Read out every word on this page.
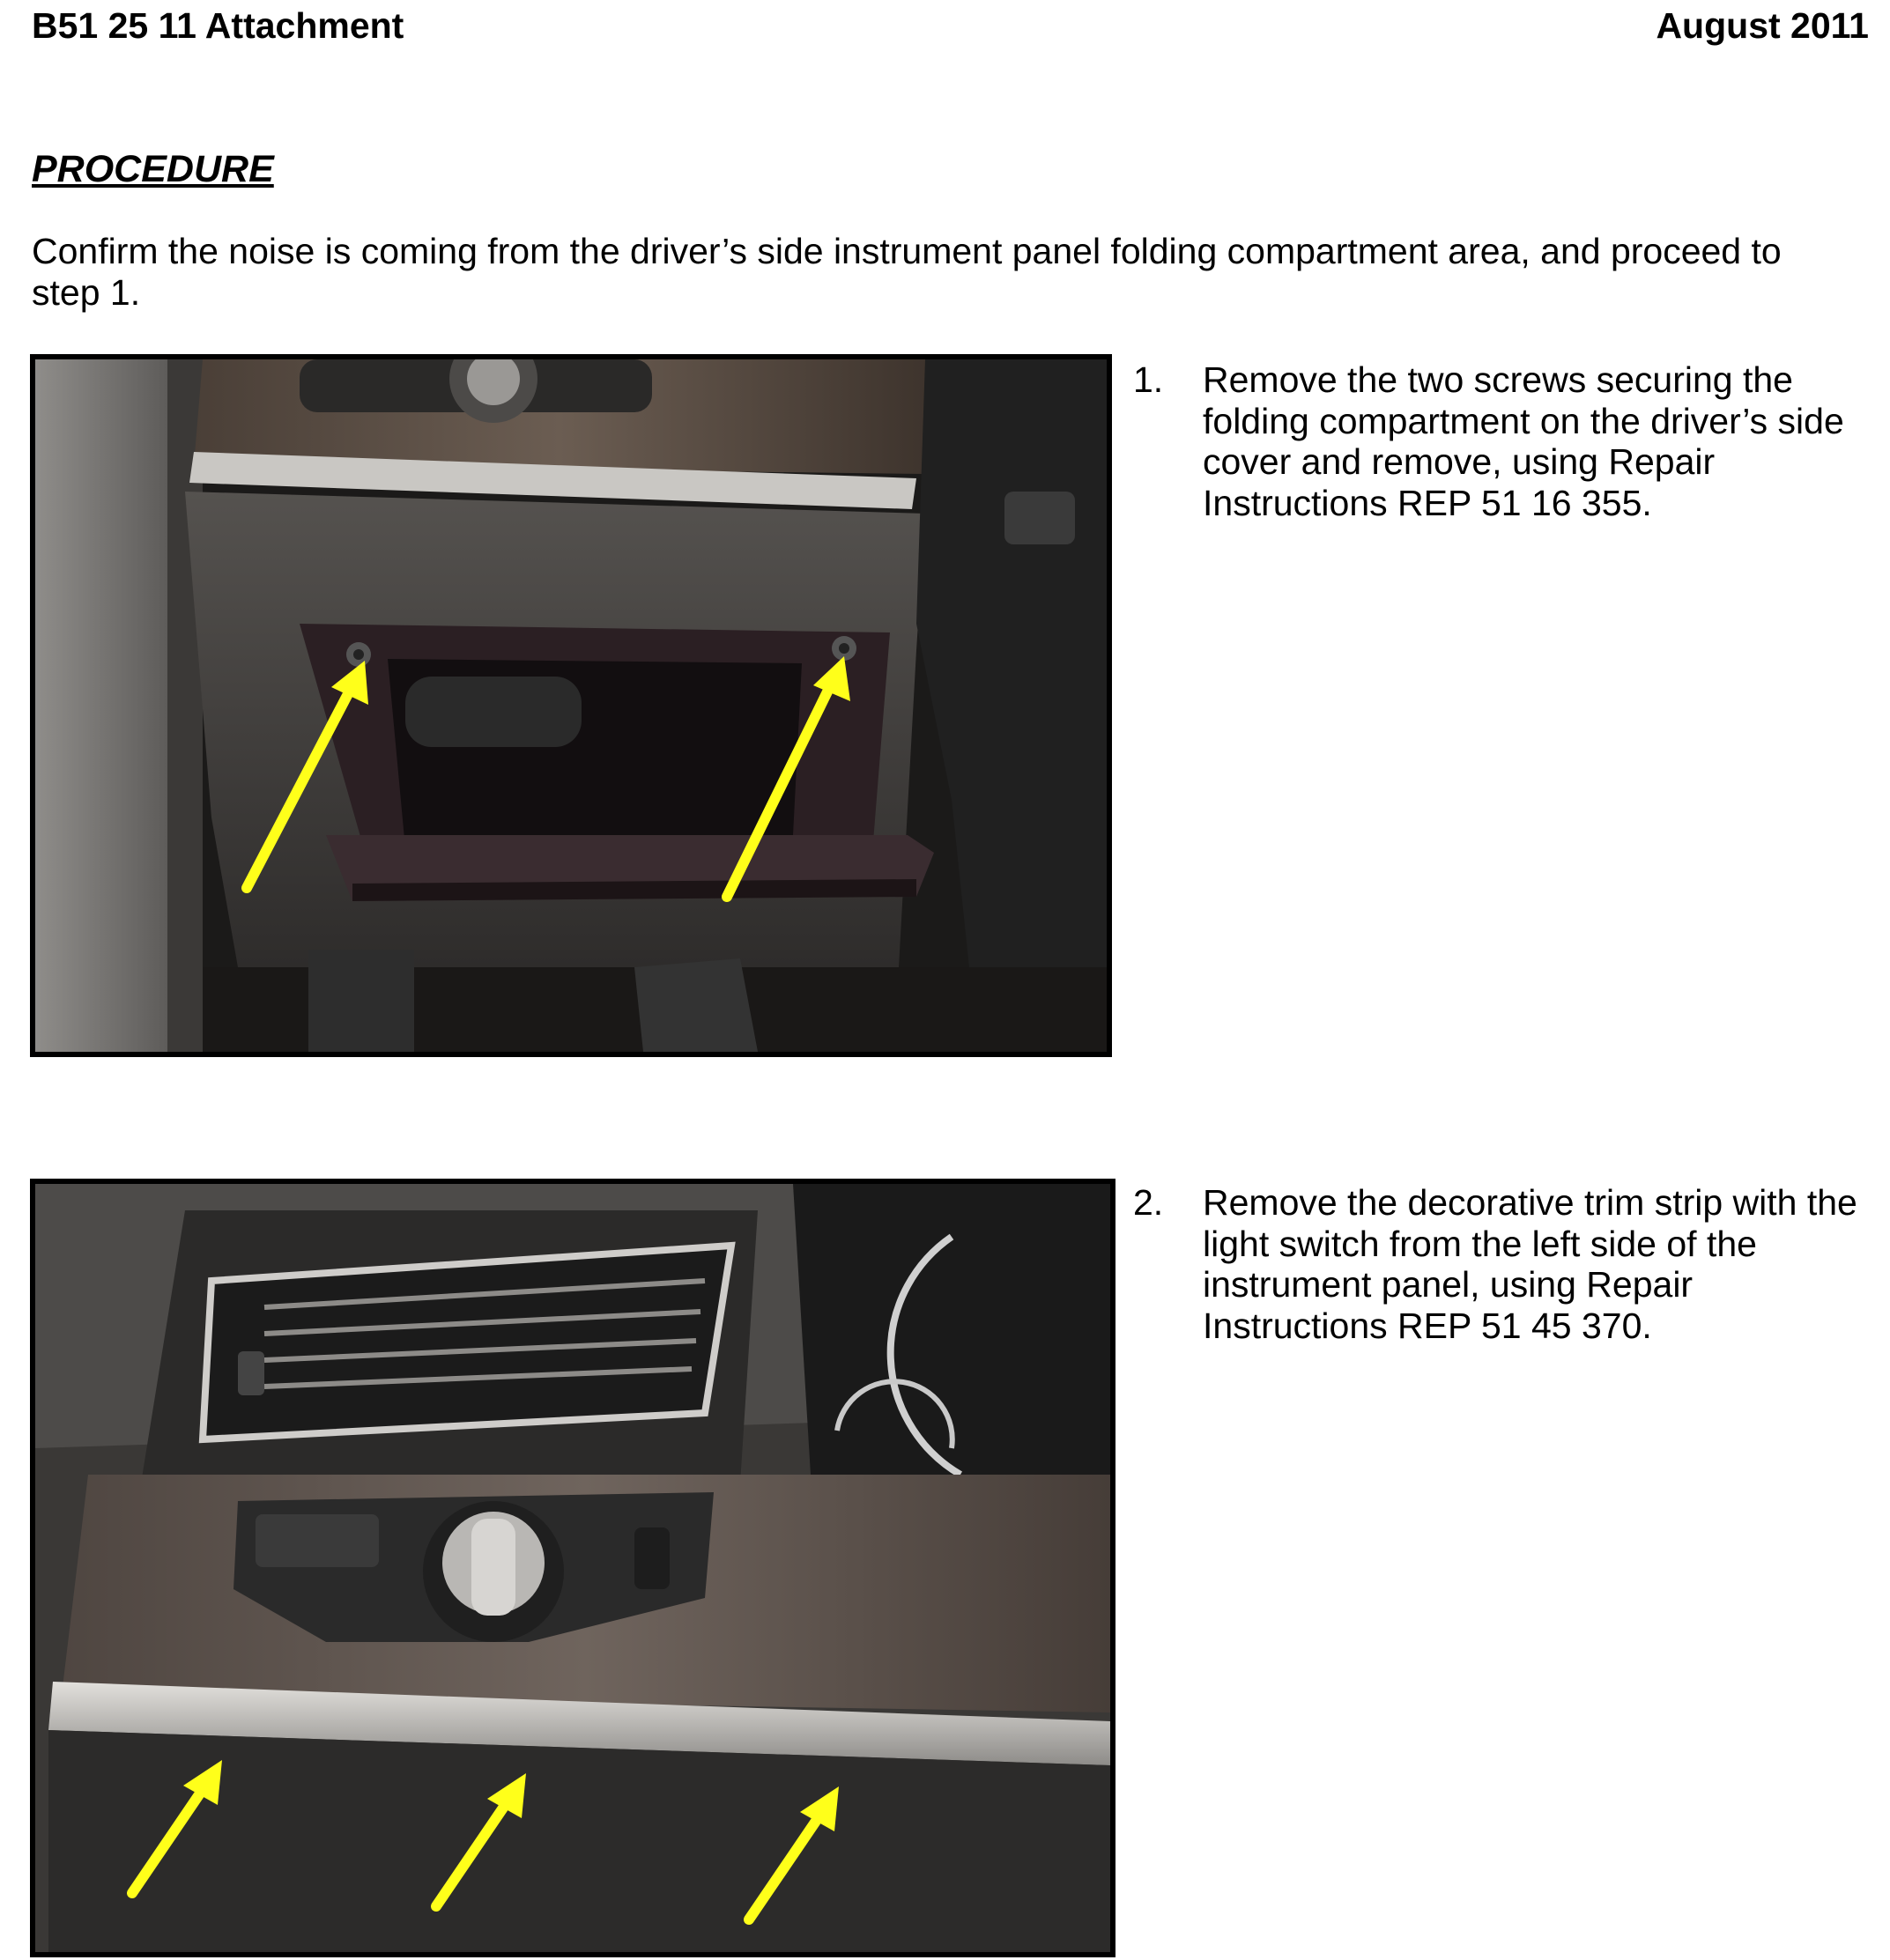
B51 25 11 Attachment	August 2011
PROCEDURE
Confirm the noise is coming from the driver’s side instrument panel folding compartment area, and proceed to step 1.
1. Remove the two screws securing the folding compartment on the driver’s side cover and remove, using Repair Instructions REP 51 16 355.
2. Remove the decorative trim strip with the light switch from the left side of the instrument panel, using Repair Instructions REP 51 45 370.
